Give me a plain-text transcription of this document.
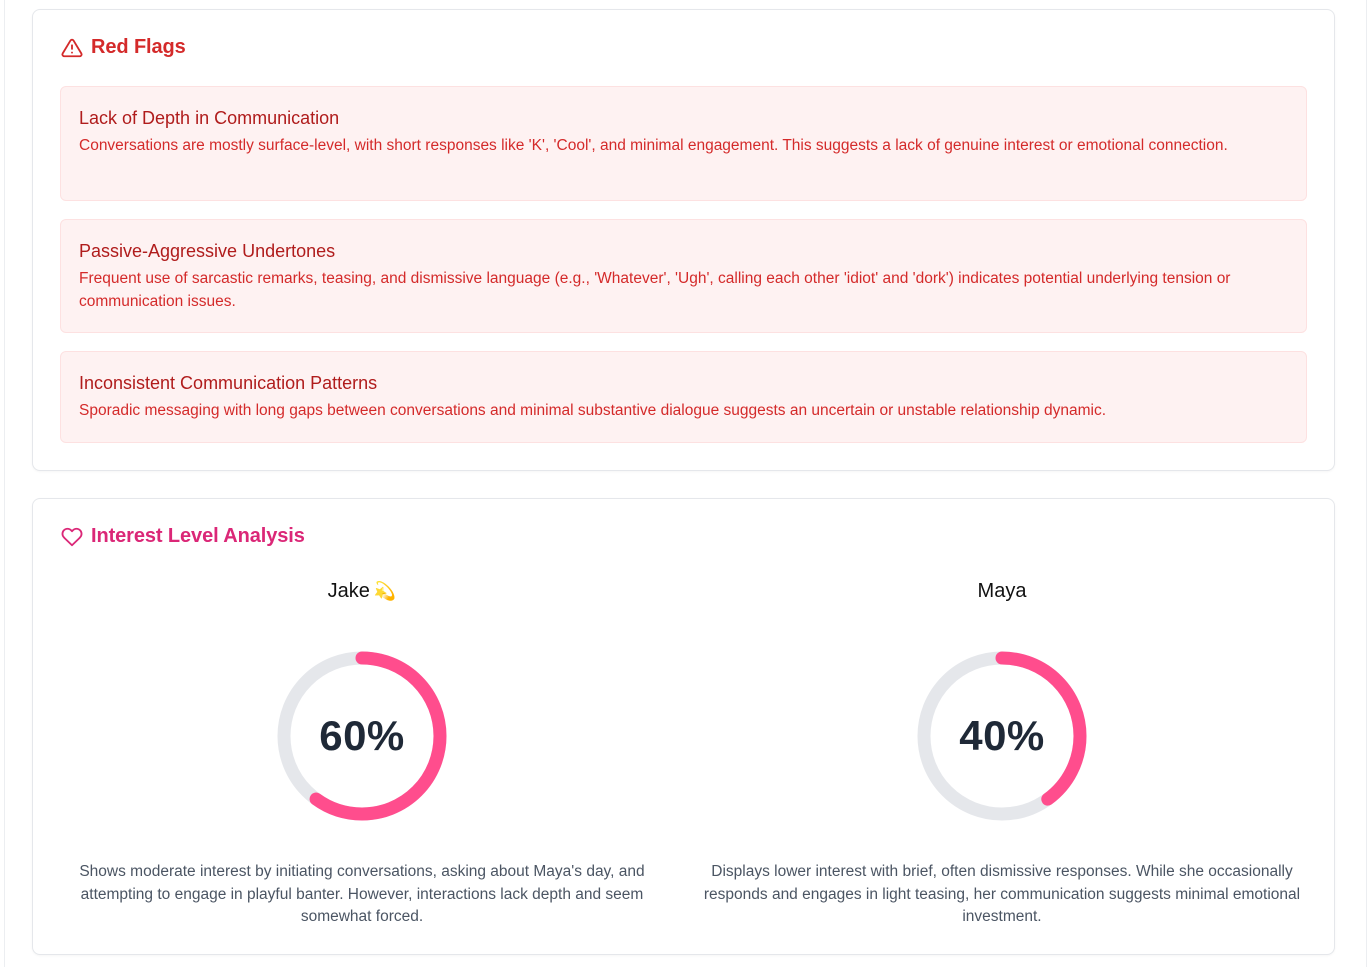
Red Flags
Lack of Depth in Communication
Conversations are mostly surface-level, with short responses like 'K', 'Cool', and minimal engagement. This suggests a lack of genuine interest or emotional connection.
Passive-Aggressive Undertones
Frequent use of sarcastic remarks, teasing, and dismissive language (e.g., 'Whatever', 'Ugh', calling each other 'idiot' and 'dork') indicates potential underlying tension or communication issues.
Inconsistent Communication Patterns
Sporadic messaging with long gaps between conversations and minimal substantive dialogue suggests an uncertain or unstable relationship dynamic.
Interest Level Analysis
Jake 💫
60%
Shows moderate interest by initiating conversations, asking about Maya's day, and attempting to engage in playful banter. However, interactions lack depth and seem somewhat forced.
Maya
40%
Displays lower interest with brief, often dismissive responses. While she occasionally responds and engages in light teasing, her communication suggests minimal emotional investment.
